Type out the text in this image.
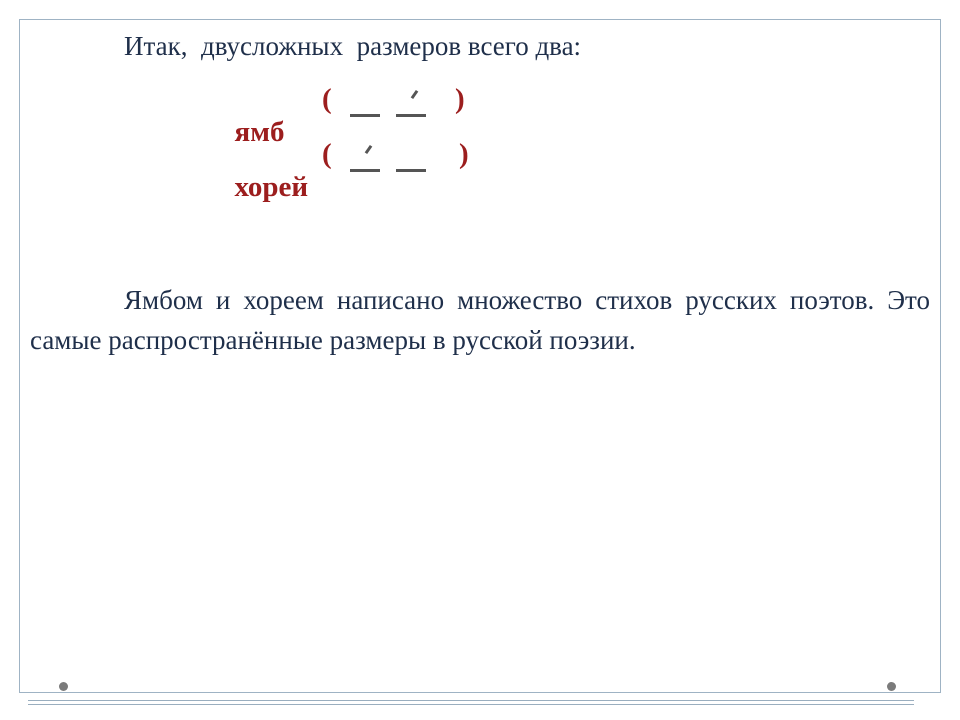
Итак,  двусложных  размеров всего два:

ямб

(

	)

хорей

(

	)

Ямбом и хореем написано множество стихов русских поэтов. Это самые распространённые размеры в русской поэзии.
